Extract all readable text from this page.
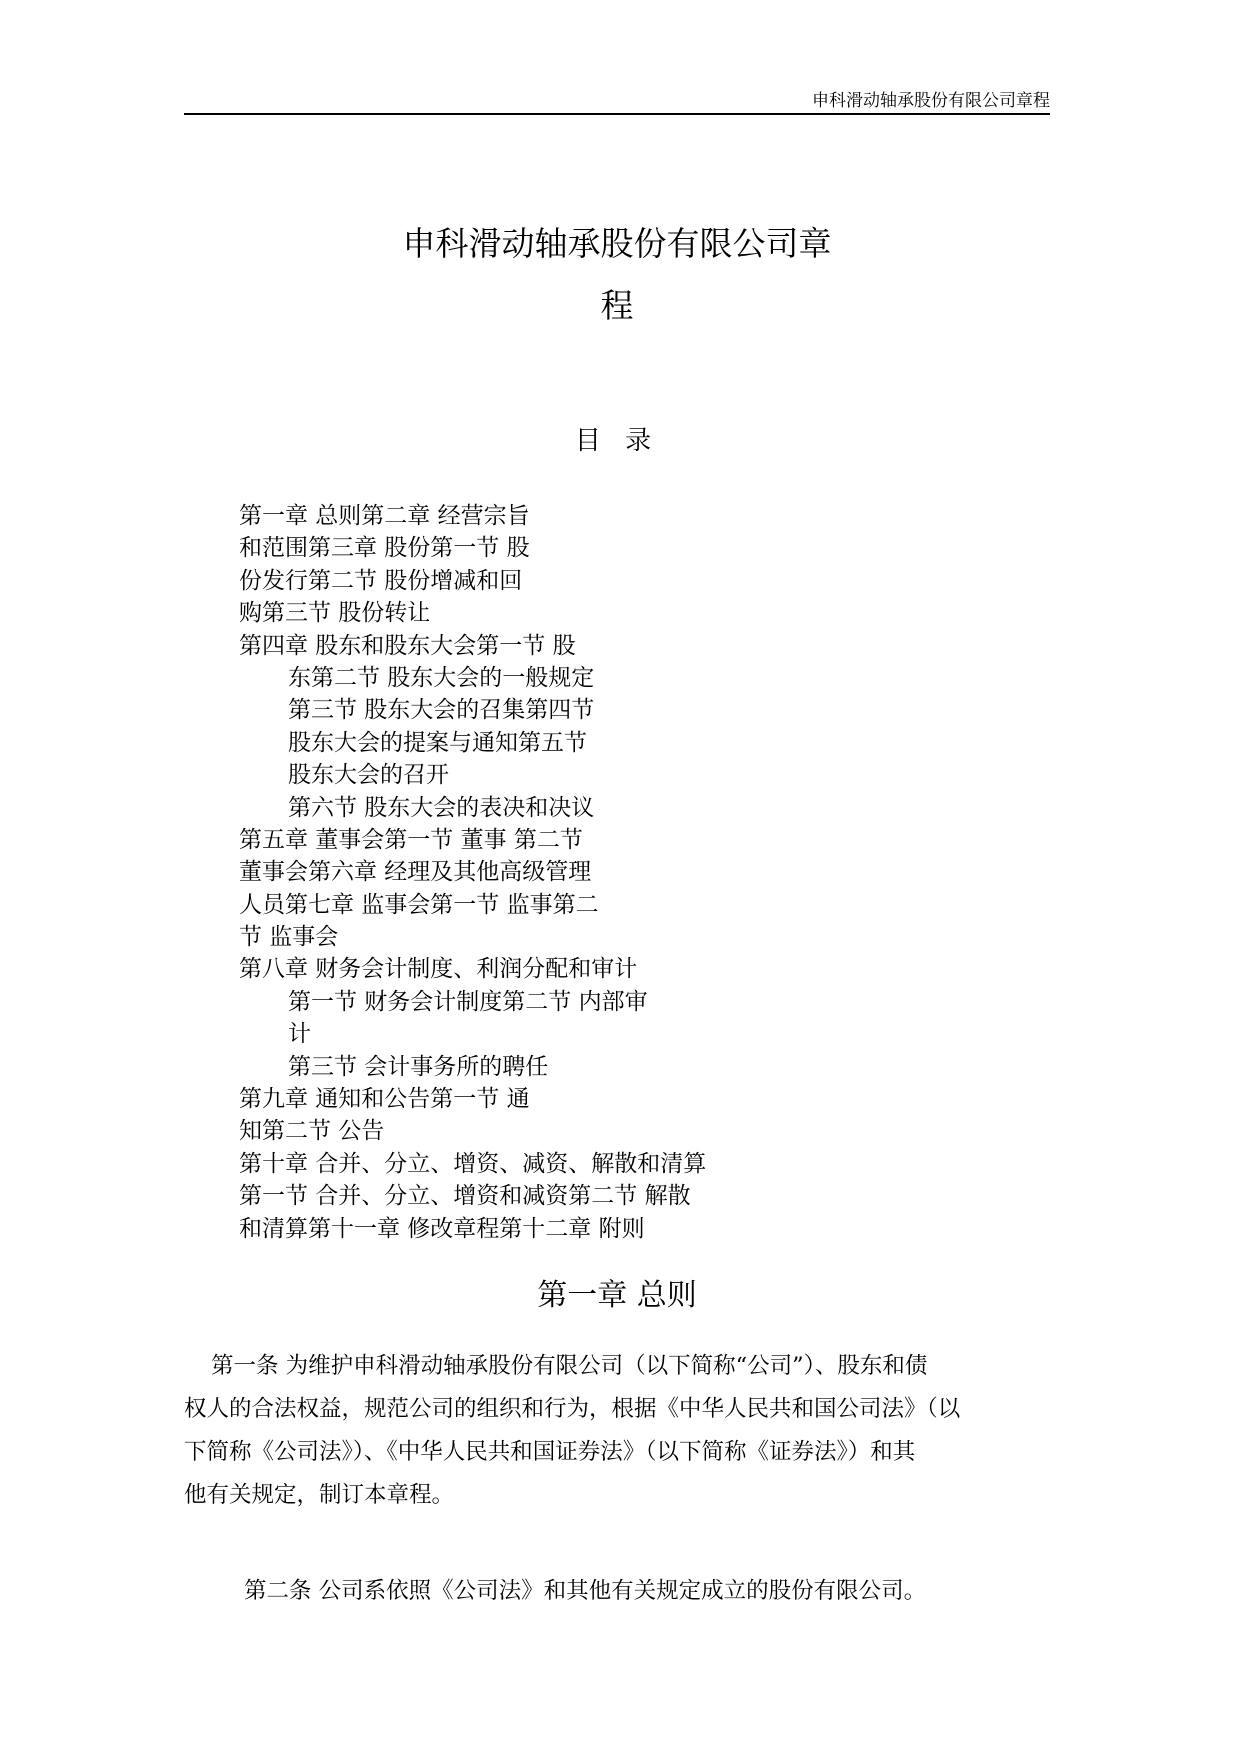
申科滑动轴承股份有限公司章程
申科滑动轴承股份有限公司章
程
目 录
第一章 总则第二章 经营宗旨
和范围第三章 股份第一节 股
份发行第二节 股份增减和回
购第三节 股份转让
第四章 股东和股东大会第一节 股
东第二节 股东大会的一般规定
第三节 股东大会的召集第四节
股东大会的提案与通知第五节
股东大会的召开
第六节 股东大会的表决和决议
第五章 董事会第一节 董事 第二节
董事会第六章 经理及其他高级管理
人员第七章 监事会第一节 监事第二
节 监事会
第八章 财务会计制度、利润分配和审计
第一节 财务会计制度第二节 内部审
计
第三节 会计事务所的聘任
第九章 通知和公告第一节 通
知第二节 公告
第十章 合并、分立、增资、减资、解散和清算
第一节 合并、分立、增资和减资第二节 解散
和清算第十一章 修改章程第十二章 附则
第一章 总则
第一条 为维护申科滑动轴承股份有限公司（以下简称“公司”）、股东和债
权人的合法权益，规范公司的组织和行为，根据《中华人民共和国公司法》（以
下简称《公司法》）、《中华人民共和国证券法》（以下简称《证券法》）和其
他有关规定，制订本章程。
第二条 公司系依照《公司法》和其他有关规定成立的股份有限公司。
